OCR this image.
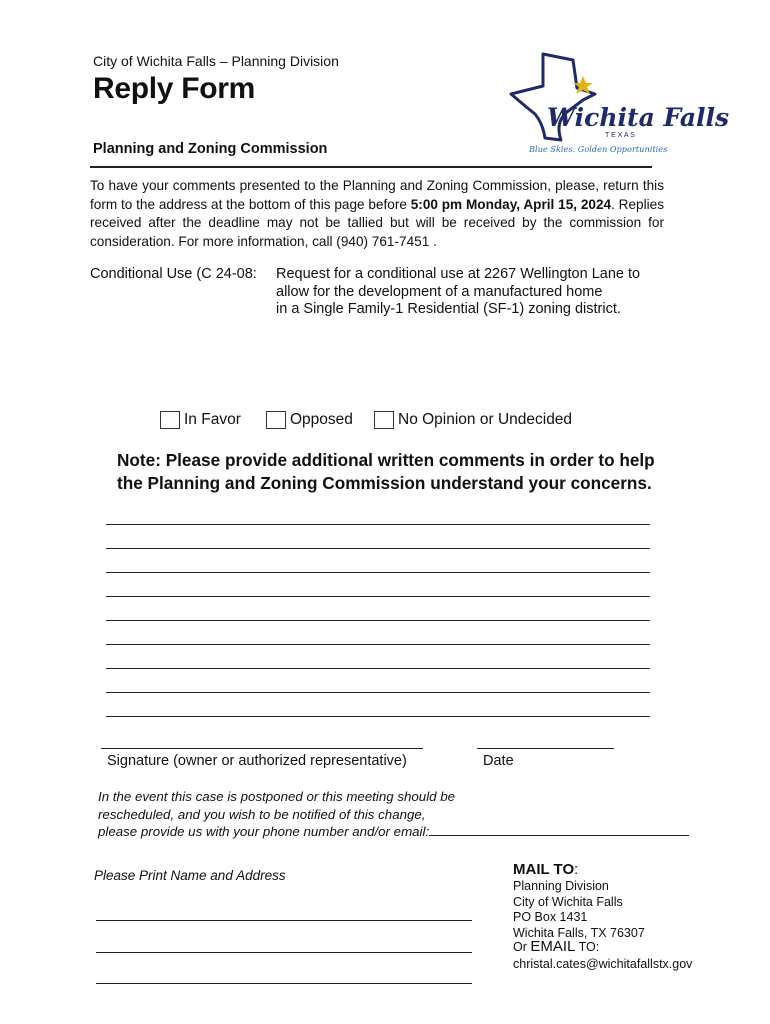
City of Wichita Falls – Planning Division
Reply Form
Planning and Zoning Commission
Wichita Falls
T E X A S
Blue Skies. Golden Opportunities
To have your comments presented to the Planning and Zoning Commission, please, return this form to the address at the bottom of this page before 5:00 pm Monday, April 15, 2024. Replies received after the deadline may not be tallied but will be received by the commission for consideration. For more information, call (940) 761-7451 .
Conditional Use (C 24-08: Request for a conditional use at 2267 Wellington Lane to
allow for the development of a manufactured home
in a Single Family-1 Residential (SF-1) zoning district.
In Favor	Opposed	No Opinion or Undecided
Note: Please provide additional written comments in order to help the Planning and Zoning Commission understand your concerns.
Signature (owner or authorized representative)	Date
In the event this case is postponed or this meeting should be
rescheduled, and you wish to be notified of this change,
please provide us with your phone number and/or email:
Please Print Name and Address	MAIL TO:
Planning Division
City of Wichita Falls
PO Box 1431
Wichita Falls, TX 76307
Or EMAIL TO:
christal.cates@wichitafallstx.gov
